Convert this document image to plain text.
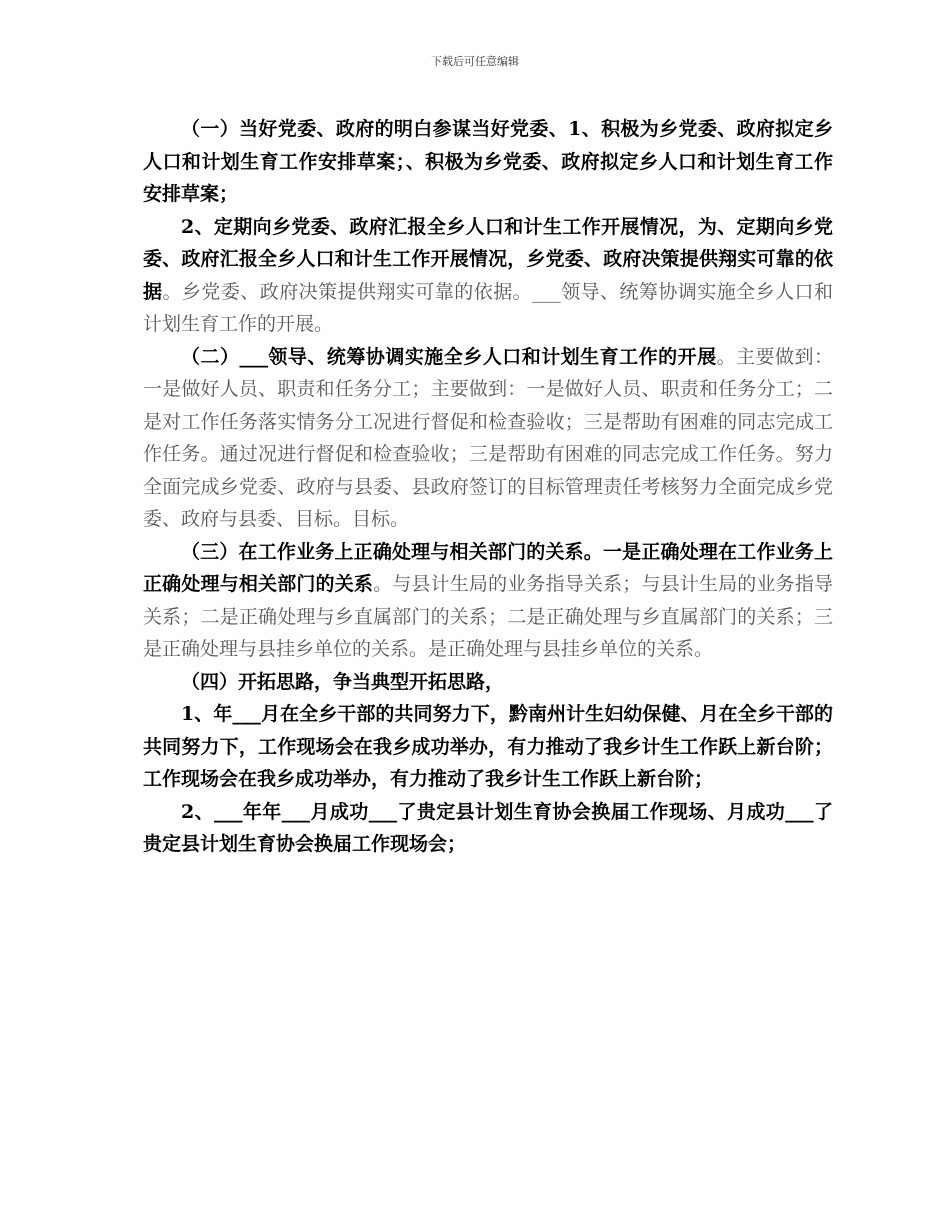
下载后可任意编辑

（一）当好党委、政府的明白参谋当好党委、1、积极为乡党委、政府拟定乡人口和计划生育工作安排草案；、积极为乡党委、政府拟定乡人口和计划生育工作安排草案；

2、定期向乡党委、政府汇报全乡人口和计生工作开展情况，为、定期向乡党委、政府汇报全乡人口和计生工作开展情况，乡党委、政府决策提供翔实可靠的依据。乡党委、政府决策提供翔实可靠的依据。___领导、统筹协调实施全乡人口和计划生育工作的开展。

（二）___领导、统筹协调实施全乡人口和计划生育工作的开展。主要做到：一是做好人员、职责和任务分工；主要做到：一是做好人员、职责和任务分工；二是对工作任务落实情务分工况进行督促和检查验收；三是帮助有困难的同志完成工作任务。通过况进行督促和检查验收；三是帮助有困难的同志完成工作任务。努力全面完成乡党委、政府与县委、县政府签订的目标管理责任考核努力全面完成乡党委、政府与县委、目标。目标。

（三）在工作业务上正确处理与相关部门的关系。一是正确处理在工作业务上正确处理与相关部门的关系。与县计生局的业务指导关系；与县计生局的业务指导关系；二是正确处理与乡直属部门的关系；二是正确处理与乡直属部门的关系；三是正确处理与县挂乡单位的关系。是正确处理与县挂乡单位的关系。

（四）开拓思路，争当典型开拓思路，

1、年___月在全乡干部的共同努力下，黔南州计生妇幼保健、月在全乡干部的共同努力下，工作现场会在我乡成功举办，有力推动了我乡计生工作跃上新台阶；工作现场会在我乡成功举办，有力推动了我乡计生工作跃上新台阶；

2、___年年___月成功___了贵定县计划生育协会换届工作现场、月成功___了贵定县计划生育协会换届工作现场会；
